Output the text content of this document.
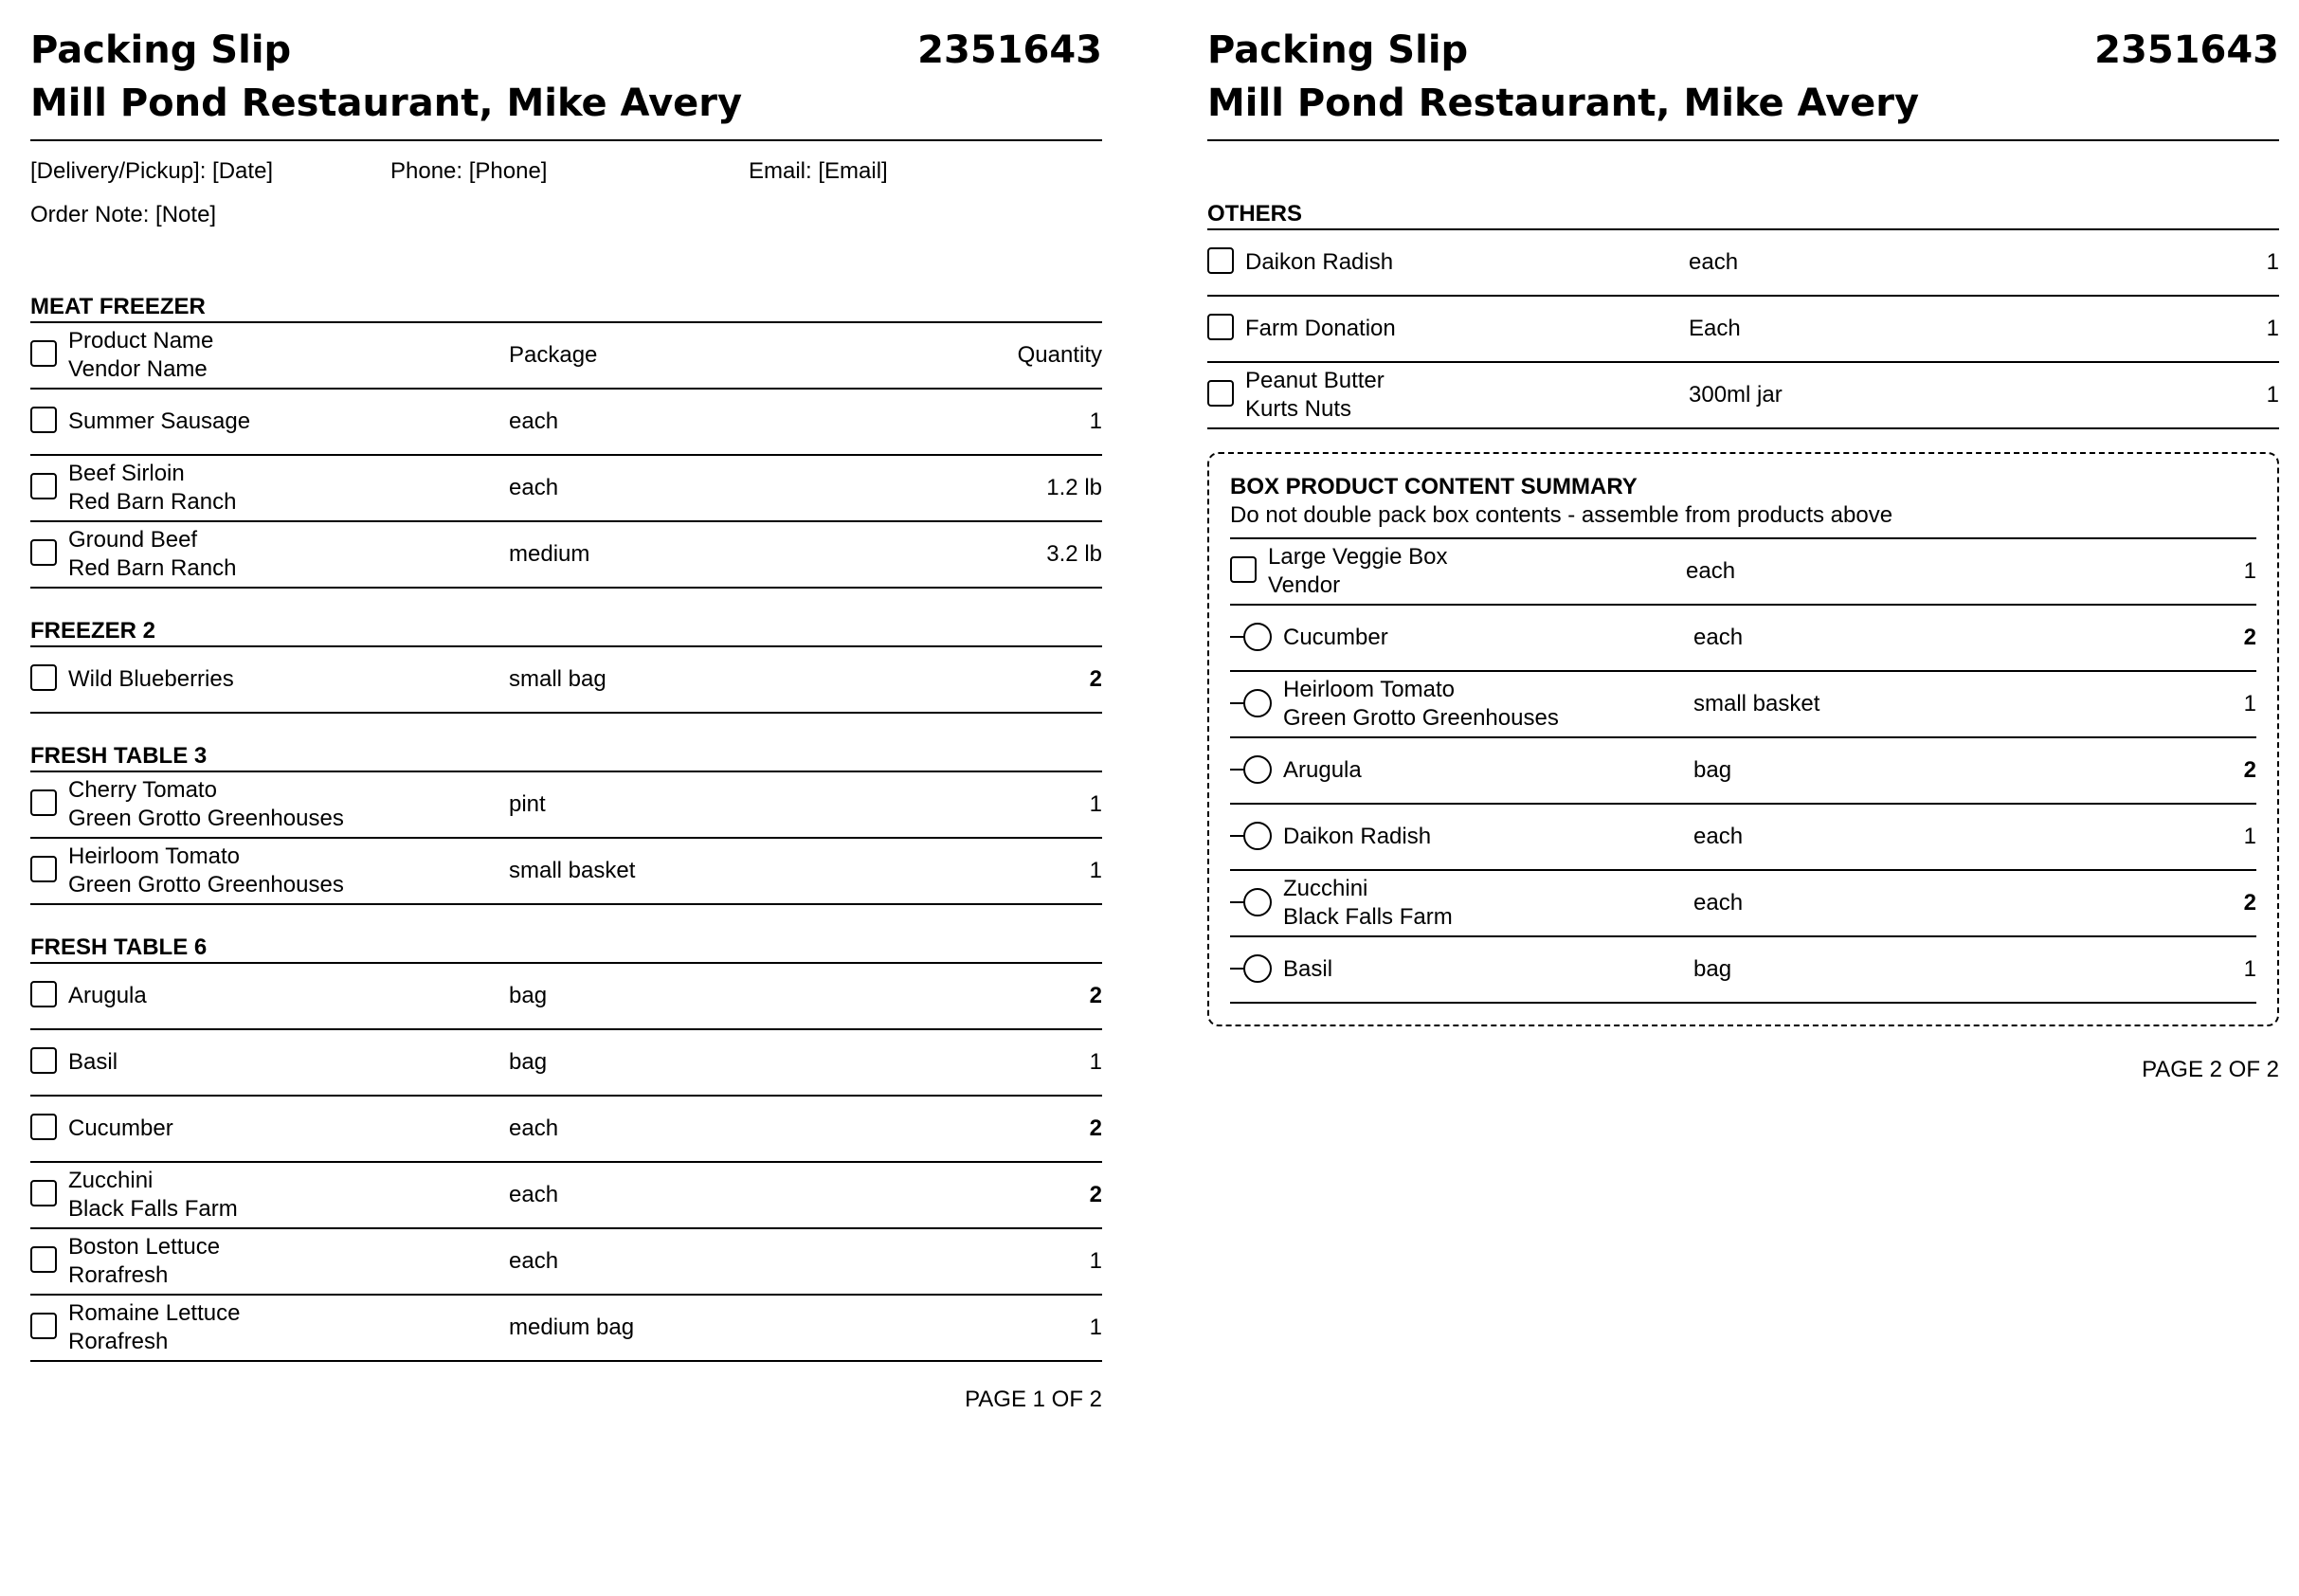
Packing Slip
Mill Pond Restaurant, Mike Avery
2351643
[Delivery/Pickup]: [Date]	Phone: [Phone]	Email: [Email]
Order Note: [Note]
MEAT FREEZER
Product Name
Vendor Name
Package	Quantity
Summer Sausage	each	1
Beef Sirloin
Red Barn Ranch
each	1.2 lb
Ground Beef
Red Barn Ranch
medium	3.2 lb
FREEZER 2
Wild Blueberries	small bag	2
FRESH TABLE 3
Cherry Tomato
Green Grotto Greenhouses
pint	1
Heirloom Tomato
Green Grotto Greenhouses
small basket	1
FRESH TABLE 6
Arugula	bag	2
Basil	bag	1
Cucumber	each	2
Zucchini
Black Falls Farm
each	2
Boston Lettuce
Rorafresh
each	1
Romaine Lettuce
Rorafresh
medium bag	1
PAGE 1 OF 2
Packing Slip
Mill Pond Restaurant, Mike Avery
2351643
OTHERS
Daikon Radish	each	1
Farm Donation	Each	1
Peanut Butter
Kurts Nuts
300ml jar	1
BOX PRODUCT CONTENT SUMMARY
Do not double pack box contents - assemble from products above
Large Veggie Box
Vendor
each	1
Cucumber	each	2
Heirloom Tomato
Green Grotto Greenhouses
small basket	1
Arugula	bag	2
Daikon Radish	each	1
Zucchini
Black Falls Farm
each	2
Basil	bag	1
PAGE 2 OF 2
